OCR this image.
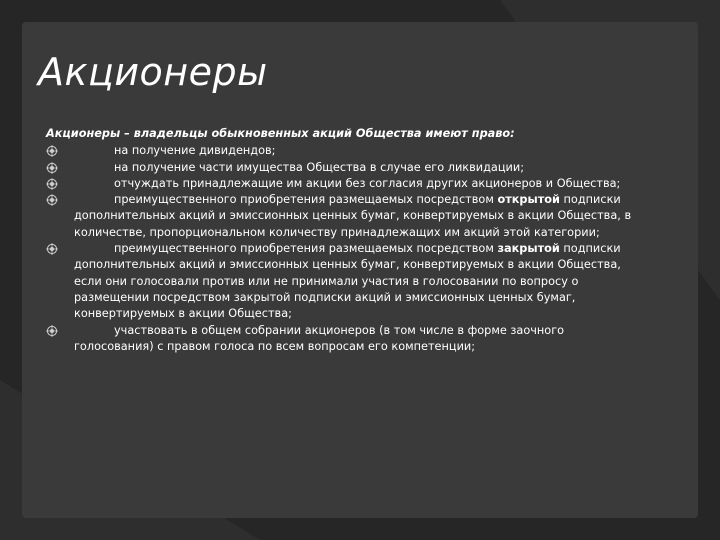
Акционеры

Акционеры – владельцы обыкновенных акций Общества имеют право:

на получение дивидендов;
на получение части имущества Общества в случае его ликвидации;
отчуждать принадлежащие им акции без согласия других акционеров и Общества;
преимущественного приобретения размещаемых посредством открытой подписки дополнительных акций и эмиссионных ценных бумаг, конвертируемых в акции Общества, в количестве, пропорциональном количеству принадлежащих им акций этой категории;
преимущественного приобретения размещаемых посредством закрытой подписки дополнительных акций и эмиссионных ценных бумаг, конвертируемых в акции Общества, если они голосовали против или не принимали участия в голосовании по вопросу о размещении посредством закрытой подписки акций и эмиссионных ценных бумаг, конвертируемых в акции Общества;
участвовать в общем собрании акционеров (в том числе в форме заочного голосования) с правом голоса по всем вопросам его компетенции;
